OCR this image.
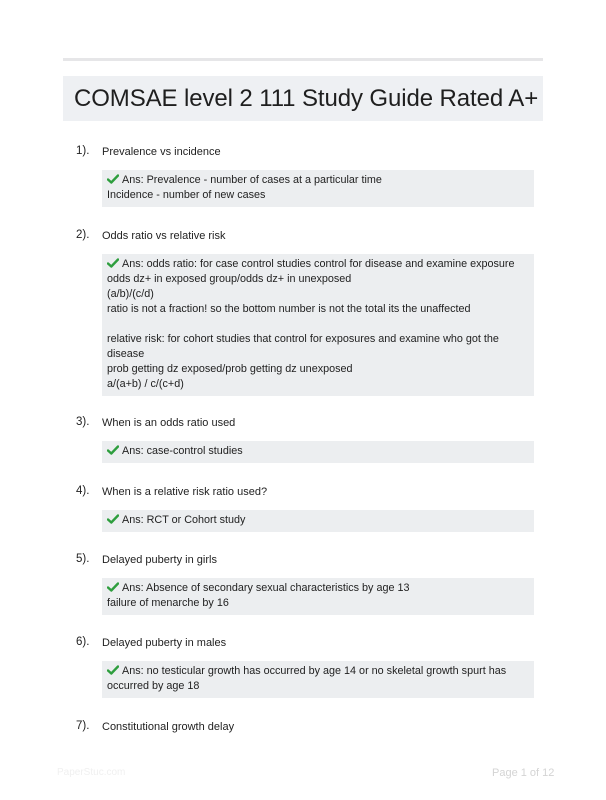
COMSAE level 2 111 Study Guide Rated A+
1). Prevalence vs incidence
Ans: Prevalence - number of cases at a particular time
Incidence - number of new cases
2). Odds ratio vs relative risk
Ans: odds ratio: for case control studies control for disease and examine exposure
odds dz+ in exposed group/odds dz+ in unexposed
(a/b)/(c/d)
ratio is not a fraction! so the bottom number is not the total its the unaffected
relative risk: for cohort studies that control for exposures and examine who got the
disease
prob getting dz exposed/prob getting dz unexposed
a/(a+b) / c/(c+d)
3). When is an odds ratio used
Ans: case-control studies
4). When is a relative risk ratio used?
Ans: RCT or Cohort study
5). Delayed puberty in girls
Ans: Absence of secondary sexual characteristics by age 13
failure of menarche by 16
6). Delayed puberty in males
Ans: no testicular growth has occurred by age 14 or no skeletal growth spurt has
occurred by age 18
7). Constitutional growth delay
PaperStuc.com	Page 1 of 12
